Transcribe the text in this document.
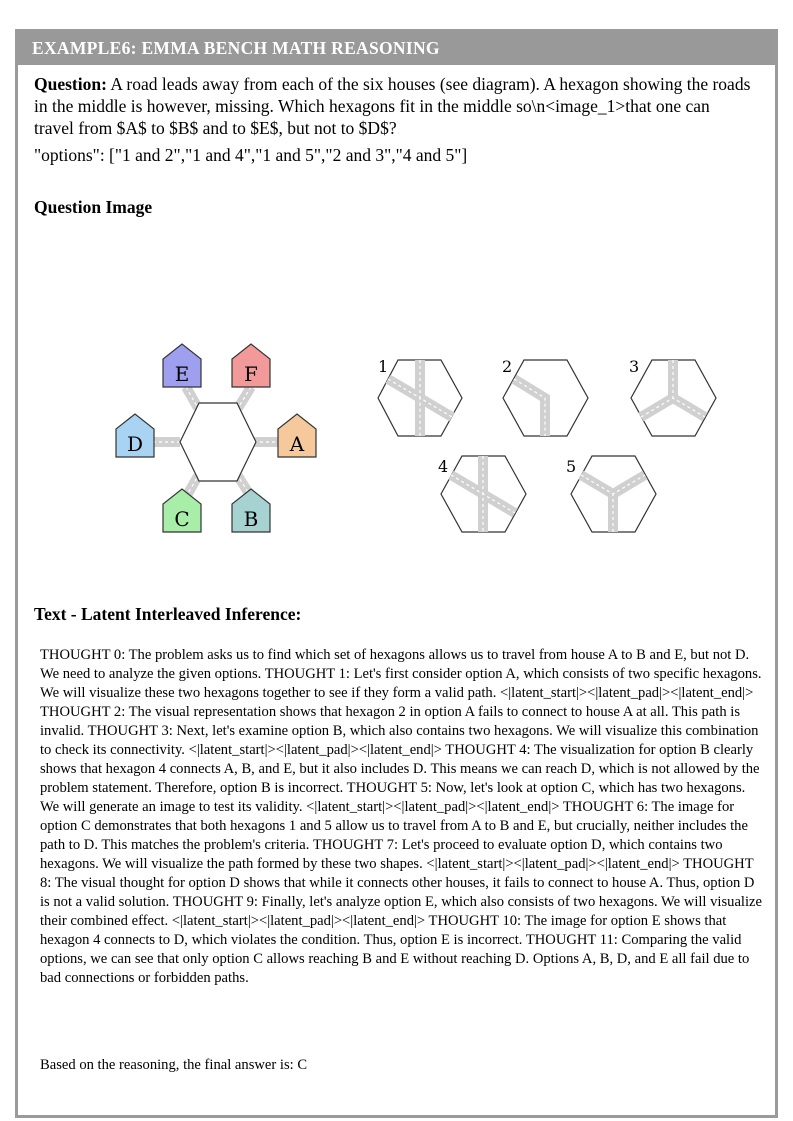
EXAMPLE6: EMMA BENCH MATH REASONING
Question: A road leads away from each of the six houses (see diagram). A hexagon showing the roads in the middle is however, missing. Which hexagons fit in the middle so\n<image_1>that one can travel from $A$ to $B$ and to $E$, but not to $D$?
"options": ["1 and 2","1 and 4","1 and 5","2 and 3","4 and 5"]
Question Image
E	F
D	A
C	B
1	2	3
4	5
Text - Latent Interleaved Inference:
THOUGHT 0: The problem asks us to find which set of hexagons allows us to travel from house A to B and E, but not D. We need to analyze the given options. THOUGHT 1: Let's first consider option A, which consists of two specific hexagons. We will visualize these two hexagons together to see if they form a valid path. <|latent_start|><|latent_pad|><|latent_end|> THOUGHT 2: The visual representation shows that hexagon 2 in option A fails to connect to house A at all. This path is invalid. THOUGHT 3: Next, let's examine option B, which also contains two hexagons. We will visualize this combination to check its connectivity. <|latent_start|><|latent_pad|><|latent_end|> THOUGHT 4: The visualization for option B clearly shows that hexagon 4 connects A, B, and E, but it also includes D. This means we can reach D, which is not allowed by the problem statement. Therefore, option B is incorrect. THOUGHT 5: Now, let's look at option C, which has two hexagons. We will generate an image to test its validity. <|latent_start|><|latent_pad|><|latent_end|> THOUGHT 6: The image for option C demonstrates that both hexagons 1 and 5 allow us to travel from A to B and E, but crucially, neither includes the path to D. This matches the problem's criteria. THOUGHT 7: Let's proceed to evaluate option D, which contains two hexagons. We will visualize the path formed by these two shapes. <|latent_start|><|latent_pad|><|latent_end|> THOUGHT 8: The visual thought for option D shows that while it connects other houses, it fails to connect to house A. Thus, option D is not a valid solution. THOUGHT 9: Finally, let's analyze option E, which also consists of two hexagons. We will visualize their combined effect. <|latent_start|><|latent_pad|><|latent_end|> THOUGHT 10: The image for option E shows that hexagon 4 connects to D, which violates the condition. Thus, option E is incorrect. THOUGHT 11: Comparing the valid options, we can see that only option C allows reaching B and E without reaching D. Options A, B, D, and E all fail due to bad connections or forbidden paths.
Based on the reasoning, the final answer is: C
